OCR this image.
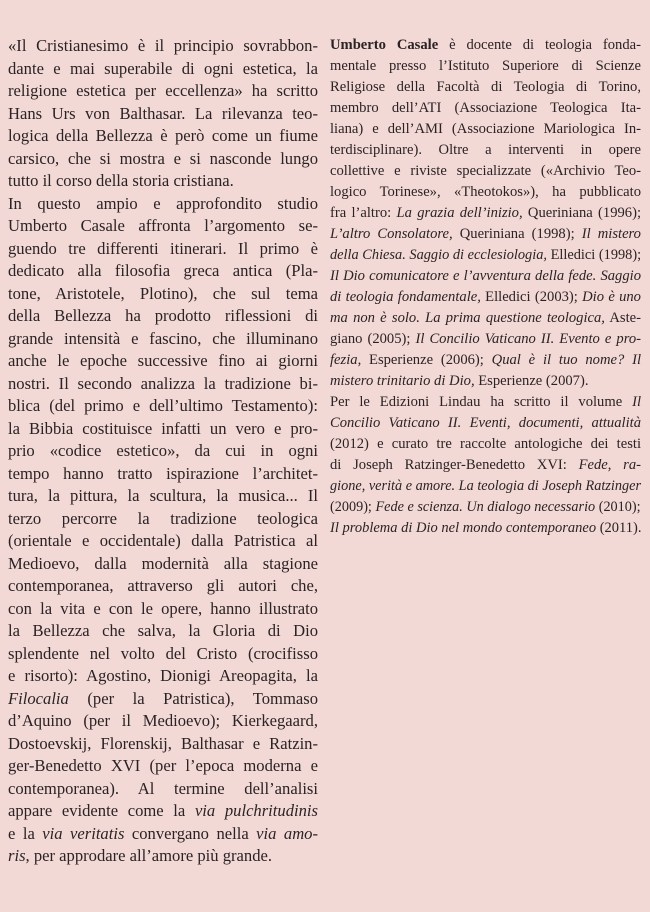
«Il Cristianesimo è il principio sovrabbon-
dante e mai superabile di ogni estetica, la
religione estetica per eccellenza» ha scritto
Hans Urs von Balthasar. La rilevanza teo-
logica della Bellezza è però come un fiume
carsico, che si mostra e si nasconde lungo
tutto il corso della storia cristiana.
In questo ampio e approfondito studio
Umberto Casale affronta l’argomento se-
guendo tre differenti itinerari. Il primo è
dedicato alla filosofia greca antica (Pla-
tone, Aristotele, Plotino), che sul tema
della Bellezza ha prodotto riflessioni di
grande intensità e fascino, che illuminano
anche le epoche successive fino ai giorni
nostri. Il secondo analizza la tradizione bi-
blica (del primo e dell’ultimo Testamento):
la Bibbia costituisce infatti un vero e pro-
prio «codice estetico», da cui in ogni
tempo hanno tratto ispirazione l’architet-
tura, la pittura, la scultura, la musica... Il
terzo percorre la tradizione teologica
(orientale e occidentale) dalla Patristica al
Medioevo, dalla modernità alla stagione
contemporanea, attraverso gli autori che,
con la vita e con le opere, hanno illustrato
la Bellezza che salva, la Gloria di Dio
splendente nel volto del Cristo (crocifisso
e risorto): Agostino, Dionigi Areopagita, la
Filocalia (per la Patristica), Tommaso
d’Aquino (per il Medioevo); Kierkegaard,
Dostoevskij, Florenskij, Balthasar e Ratzin-
ger-Benedetto XVI (per l’epoca moderna e
contemporanea). Al termine dell’analisi
appare evidente come la via pulchritudinis
e la via veritatis convergano nella via amo-
ris, per approdare all’amore più grande.
Umberto Casale è docente di teologia fonda-
mentale presso l’Istituto Superiore di Scienze
Religiose della Facoltà di Teologia di Torino,
membro dell’ATI (Associazione Teologica Ita-
liana) e dell’AMI (Associazione Mariologica In-
terdisciplinare). Oltre a interventi in opere
collettive e riviste specializzate («Archivio Teo-
logico Torinese», «Theotokos»), ha pubblicato
fra l’altro: La grazia dell’inizio, Queriniana (1996);
L’altro Consolatore, Queriniana (1998); Il mistero
della Chiesa. Saggio di ecclesiologia, Elledici (1998);
Il Dio comunicatore e l’avventura della fede. Saggio
di teologia fondamentale, Elledici (2003); Dio è uno
ma non è solo. La prima questione teologica, Aste-
giano (2005); Il Concilio Vaticano II. Evento e pro-
fezia, Esperienze (2006); Qual è il tuo nome? Il
mistero trinitario di Dio, Esperienze (2007).
Per le Edizioni Lindau ha scritto il volume Il
Concilio Vaticano II. Eventi, documenti, attualità
(2012) e curato tre raccolte antologiche dei testi
di Joseph Ratzinger-Benedetto XVI: Fede, ra-
gione, verità e amore. La teologia di Joseph Ratzinger
(2009); Fede e scienza. Un dialogo necessario (2010);
Il problema di Dio nel mondo contemporaneo (2011).
